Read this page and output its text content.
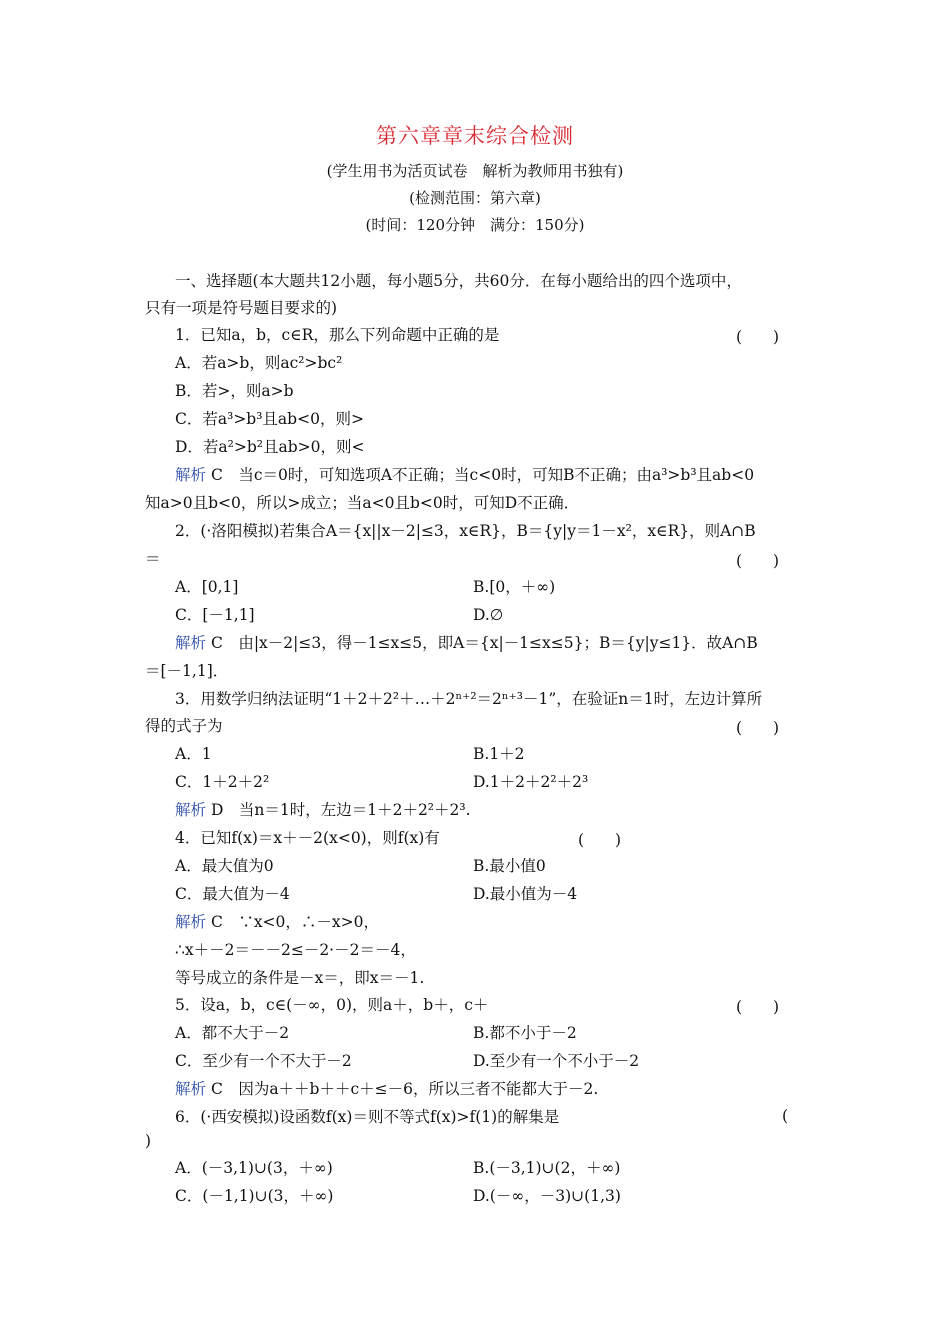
第六章章末综合检测
(学生用书为活页试卷　解析为教师用书独有)
(检测范围：第六章)
(时间：120分钟　满分：150分)
一、选择题(本大题共12小题，每小题5分，共60分．在每小题给出的四个选项中，
只有一项是符号题目要求的)
1．已知a，b，c∈R，那么下列命题中正确的是	(　　)
A．若a>b，则ac²>bc²
B．若>，则a>b
C．若a³>b³且ab<0，则>
D．若a²>b²且ab>0，则<
解析 C　当c＝0时，可知选项A不正确；当c<0时，可知B不正确；由a³>b³且ab<0
知a>0且b<0，所以>成立；当a<0且b<0时，可知D不正确．
2．(·洛阳模拟)若集合A＝{x||x－2|≤3，x∈R}，B＝{y|y＝1－x²，x∈R}，则A∩B
＝	(　　)
A．[0,1]	B.[0，＋∞)
C．[－1,1]	D.∅
解析 C　由|x－2|≤3，得－1≤x≤5，即A＝{x|－1≤x≤5}；B＝{y|y≤1}．故A∩B
＝[－1,1]．
3．用数学归纳法证明“1＋2＋2²＋…＋2ⁿ⁺²＝2ⁿ⁺³－1”，在验证n＝1时，左边计算所
得的式子为	(　　)
A．1	B.1＋2
C．1＋2＋2²	D.1＋2＋2²＋2³
解析 D　当n＝1时，左边＝1＋2＋2²＋2³.
4．已知f(x)＝x＋－2(x<0)，则f(x)有	(　　)
A．最大值为0	B.最小值0
C．最大值为－4	D.最小值为－4
解析 C　∵x<0，∴－x>0，
∴x＋－2＝－－2≤－2·－2＝－4，
等号成立的条件是－x＝，即x＝－1.
5．设a，b，c∈(－∞，0)，则a＋，b＋，c＋	(　　)
A．都不大于－2	B.都不小于－2
C．至少有一个不大于－2	D.至少有一个不小于－2
解析 C　因为a＋＋b＋＋c＋≤－6，所以三者不能都大于－2.
6．(·西安模拟)设函数f(x)＝则不等式f(x)>f(1)的解集是	(
)
A．(－3,1)∪(3，＋∞)	B.(－3,1)∪(2，＋∞)
C．(－1,1)∪(3，＋∞)	D.(－∞，－3)∪(1,3)
